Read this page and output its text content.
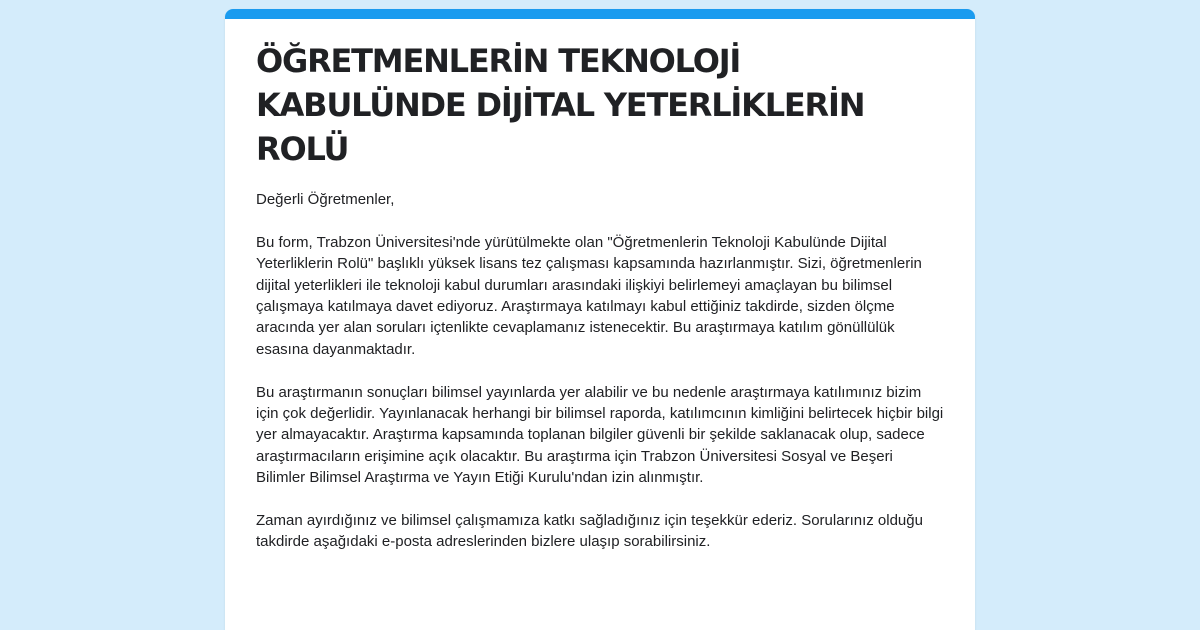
ÖĞRETMENLERİN TEKNOLOJİ KABULÜNDE DİJİTAL YETERLİKLERİN ROLÜ

Değerli Öğretmenler,

Bu form, Trabzon Üniversitesi'nde yürütülmekte olan "Öğretmenlerin Teknoloji Kabulünde Dijital Yeterliklerin Rolü" başlıklı yüksek lisans tez çalışması kapsamında hazırlanmıştır. Sizi, öğretmenlerin dijital yeterlikleri ile teknoloji kabul durumları arasındaki ilişkiyi belirlemeyi amaçlayan bu bilimsel çalışmaya katılmaya davet ediyoruz. Araştırmaya katılmayı kabul ettiğiniz takdirde, sizden ölçme aracında yer alan soruları içtenlikte cevaplamanız istenecektir. Bu araştırmaya katılım gönüllülük esasına dayanmaktadır.

Bu araştırmanın sonuçları bilimsel yayınlarda yer alabilir ve bu nedenle araştırmaya katılımınız bizim için çok değerlidir. Yayınlanacak herhangi bir bilimsel raporda, katılımcının kimliğini belirtecek hiçbir bilgi yer almayacaktır. Araştırma kapsamında toplanan bilgiler güvenli bir şekilde saklanacak olup, sadece araştırmacıların erişimine açık olacaktır. Bu araştırma için Trabzon Üniversitesi Sosyal ve Beşeri Bilimler Bilimsel Araştırma ve Yayın Etiği Kurulu'ndan izin alınmıştır.

Zaman ayırdığınız ve bilimsel çalışmamıza katkı sağladığınız için teşekkür ederiz. Sorularınız olduğu takdirde aşağıdaki e-posta adreslerinden bizlere ulaşıp sorabilirsiniz.
